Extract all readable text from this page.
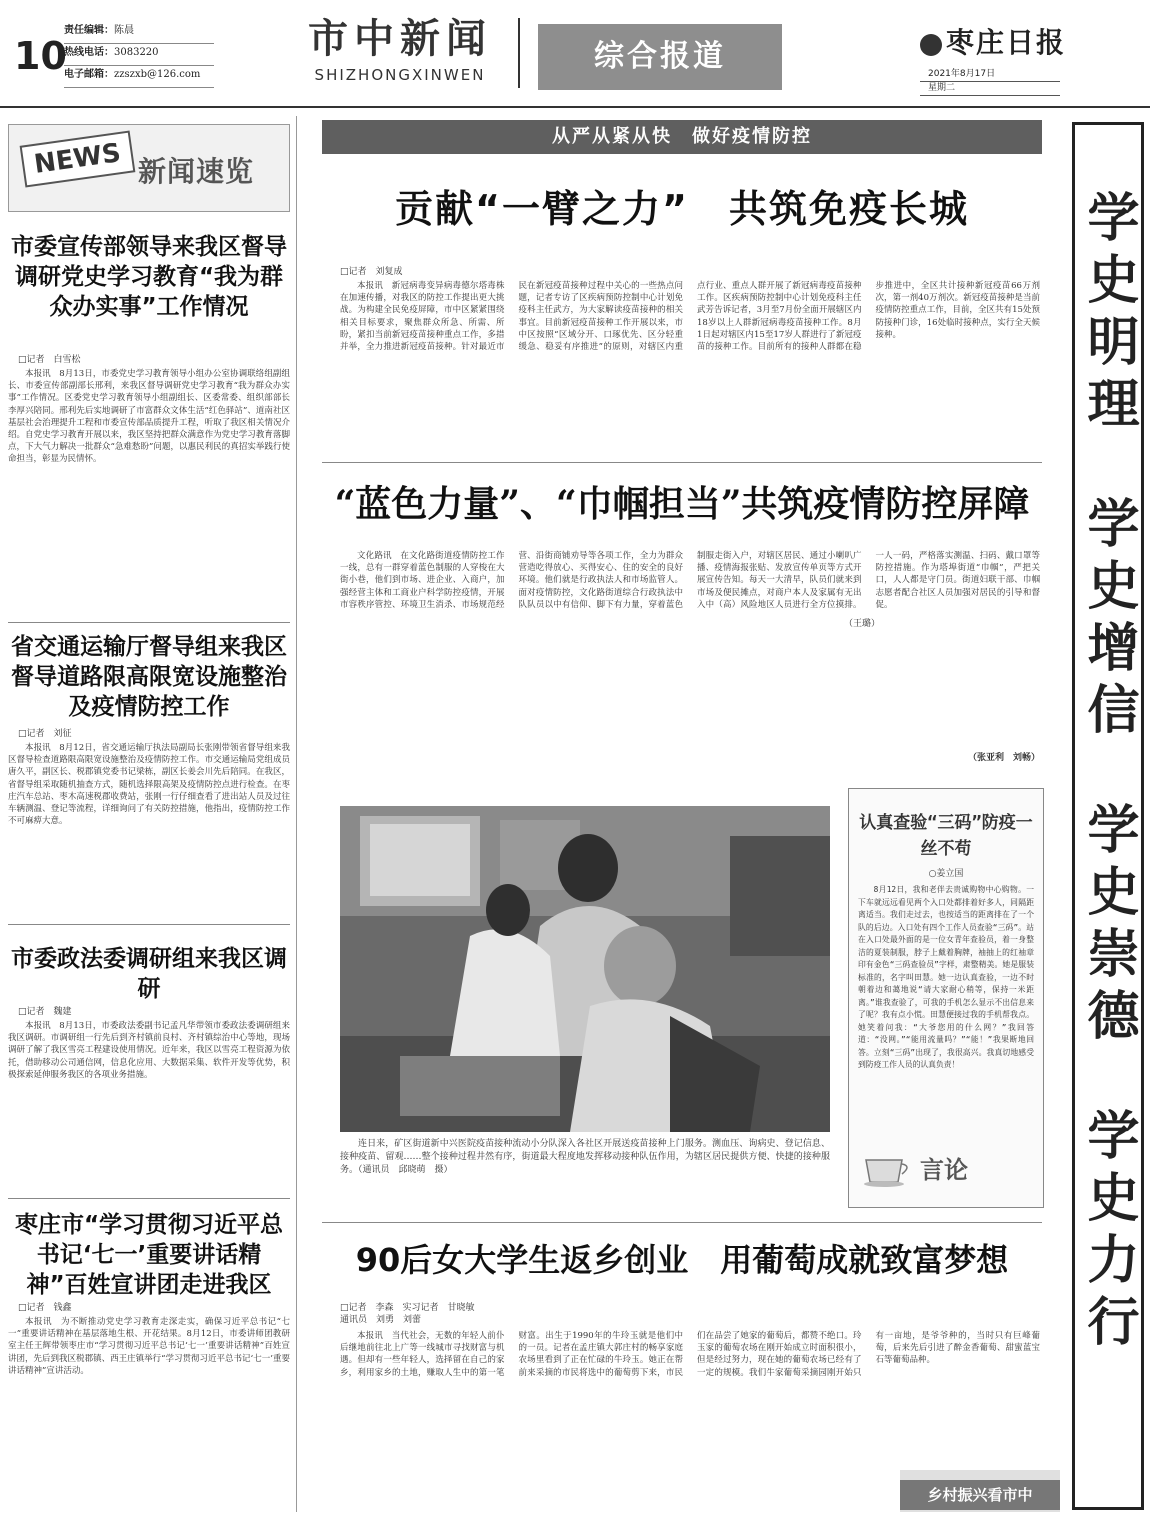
10
责任编辑：陈晨
热线电话：3083220
电子邮箱：zzszxb@126.com
市中新闻
SHIZHONGXINWEN
综合报道	枣庄日报
2021年8月17日
星期二
NEWS 新闻速览
市委宣传部领导来我区督导调研党史学习教育“我为群众办实事”工作情况
□记者　白雪松
本报讯　8月13日，市委党史学习教育领导小组办公室协调联络组副组长、市委宣传部副部长邢利，来我区督导调研党史学习教育“我为群众办实事”工作情况。区委党史学习教育领导小组副组长、区委常委、组织部部长李厚兴陪同。邢利先后实地调研了市富群众文体生活“红色驿站”、道南社区基层社会治理提升工程和市委宣传部品质提升工程，听取了我区相关情况介绍。自党史学习教育开展以来，我区坚持把群众满意作为党史学习教育落脚点，下大气力解决一批群众“急难愁盼”问题，以惠民利民的真招实举践行使命担当，彰显为民情怀。
省交通运输厅督导组来我区督导道路限高限宽设施整治及疫情防控工作
□记者　刘征
本报讯　8月12日，省交通运输厅执法局副局长张刚带领省督导组来我区督导检查道路限高限宽设施整治及疫情防控工作。市交通运输局党组成员唐久平，副区长、税郡镇党委书记梁栋，副区长姜会川先后陪同。在我区，省督导组采取随机抽查方式，随机选择限高架及疫情防控点进行检查。在枣庄汽车总站、枣木高速税郡收费站，张刚一行仔细查看了进出站人员及过往车辆测温、登记等流程，详细询问了有关防控措施，他指出，疫情防控工作不可麻痹大意。
市委政法委调研组来我区调研
□记者　魏建
本报讯　8月13日，市委政法委副书记孟凡华带领市委政法委调研组来我区调研。市调研组一行先后到齐村镇前良村、齐村镇综治中心等地，现场调研了解了我区雪亮工程建设使用情况。近年来，我区以雪亮工程资源为依托，借助移动公司通信网，信息化应用、大数据采集、软件开发等优势，积极探索延伸服务我区的各项业务措施。
枣庄市“学习贯彻习近平总书记‘七一’重要讲话精神”百姓宣讲团走进我区
□记者　钱鑫
本报讯　为不断推动党史学习教育走深走实，确保习近平总书记“七一”重要讲话精神在基层落地生根、开花结果。8月12日，市委讲师团教研室主任王辉带领枣庄市“学习贯彻习近平总书记‘七一’重要讲话精神”百姓宣讲团，先后到我区税郡镇、西王庄镇举行“学习贯彻习近平总书记‘七一’重要讲话精神”宣讲活动。
从严从紧从快　做好疫情防控
贡献“一臂之力”　共筑免疫长城
□记者　刘复成
本报讯　新冠病毒变异病毒德尔塔毒株在加速传播，对我区的防控工作提出更大挑战。为构建全民免疫屏障，市中区紧紧围绕相关目标要求，聚焦群众所急、所需、所盼，紧扣当前新冠疫苗接种重点工作，多措并举，全力推进新冠疫苗接种。针对最近市民在新冠疫苗接种过程中关心的一些热点问题，记者专访了区疾病预防控制中心计划免疫科主任武方，为大家解读疫苗接种的相关事宜。目前新冠疫苗接种工作开展以来，市中区按照“区域分开、口琢优先、区分轻重缓急、稳妥有序推进”的原则，对辖区内重点行业、重点人群开展了新冠病毒疫苗接种工作。区疾病预防控制中心计划免疫科主任武芳告诉记者，3月至7月份全面开展辖区内18岁以上人群新冠病毒疫苗接种工作。8月1日起对辖区内15至17岁人群进行了新冠疫苗的接种工作。目前所有的接种人群都在稳步推进中，全区共计接种新冠疫苗66万剂次，第一剂40万剂次。新冠疫苗接种是当前疫情防控重点工作，目前，全区共有15处预防接种门诊，16处临时接种点，实行全天候接种。
“蓝色力量”、“巾帼担当”共筑疫情防控屏障
文化路讯　在文化路街道疫情防控工作一线，总有一群穿着蓝色制服的人穿梭在大街小巷，他们到市场、进企业、入商户，加强经营主体和工商业户科学防控疫情，开展市容秩序管控、环境卫生消杀、市场规范经营、沿街商铺劝导等各项工作，全力为群众营造吃得放心、买得安心、住的安全的良好环境。他们就是行政执法人和市场监管人。面对疫情防控，文化路街道综合行政执法中队队员以中有信仰、脚下有力量，穿着蓝色制服走街入户，对辖区居民、通过小喇叭广播、疫情海报张贴、发放宣传单页等方式开展宣传告知。每天一大清早，队员们就来到市场及便民摊点，对商户本人及家属有无出入中（高）风险地区人员进行全方位摸排。一人一码，严格落实测温、扫码、戴口罩等防控措施。作为塔埠街道“巾帼”，严把关口，人人都是守门员。街道妇联干部、巾帼志愿者配合社区人员加强对居民的引导和督促。
（王璐）
（张亚利　刘畅）
连日来，矿区街道新中兴医院疫苗接种流动小分队深入各社区开展送疫苗接种上门服务。测血压、询病史、登记信息、接种疫苗、留观……整个接种过程井然有序，街道最大程度地发挥移动接种队伍作用，为辖区居民提供方便、快捷的接种服务。（通讯员　邱晓萌　摄）
认真查验“三码”防疫一丝不苟
○姜立国
8月12日，我和老伴去贵诚购物中心购物。一下车就远远看见两个入口处都排着好多人，同隔距离适当。我们走过去，也按适当的距离排在了一个队的后边。入口处有四个工作人员查验“三码”。站在入口处最外面的是一位女青年查验员，着一身整洁的夏装制服，脖子上戴着胸牌，袖抽上的红袖章印有金色“三码查验员”字样，肃整精美。她是服装标准的，名字叫田慧。她一边认真查验，一边不时朝着边和蔼地说“请大家耐心稍等，保持一米距离。”谁我查验了，可我的手机怎么显示不出信息来了呢？我有点小慌。田慧便接过我的手机帮我点。她笑着问我：“大爷您用的什么网？”我回答道：“没网。”“能用流量吗？”“能！”我果断地回答。立刻“三码”出现了，我很高兴。我真切地感受到防疫工作人员的认真负责！
言论
90后女大学生返乡创业　用葡萄成就致富梦想
□记者　李森　实习记者　甘晓敏　通讯员　刘勇　刘蕾
本报讯　当代社会，无数的年轻人前仆后继地前往北上广等一线城市寻找财富与机遇。但却有一些年轻人，选择留在自己的家乡，利用家乡的土地，赚取人生中的第一笔财富。出生于1990年的牛玲玉就是他们中的一员。记者在孟庄镇大郭庄村的畅享家庭农场里看到了正在忙碌的牛玲玉。她正在帮前来采摘的市民将选中的葡萄剪下来，市民们在品尝了她家的葡萄后，都赞不绝口。玲玉家的葡萄农场在刚开始成立时面积很小，但是经过努力，现在她的葡萄农场已经有了一定的规模。我们牛家葡萄采摘园刚开始只有一亩地，是爷爷种的，当时只有巨峰葡萄，后来先后引进了醉金香葡萄、甜蜜蓝宝石等葡萄品种。
乡村振兴看市中
学史明理
学史增信
学史崇德
学史力行
